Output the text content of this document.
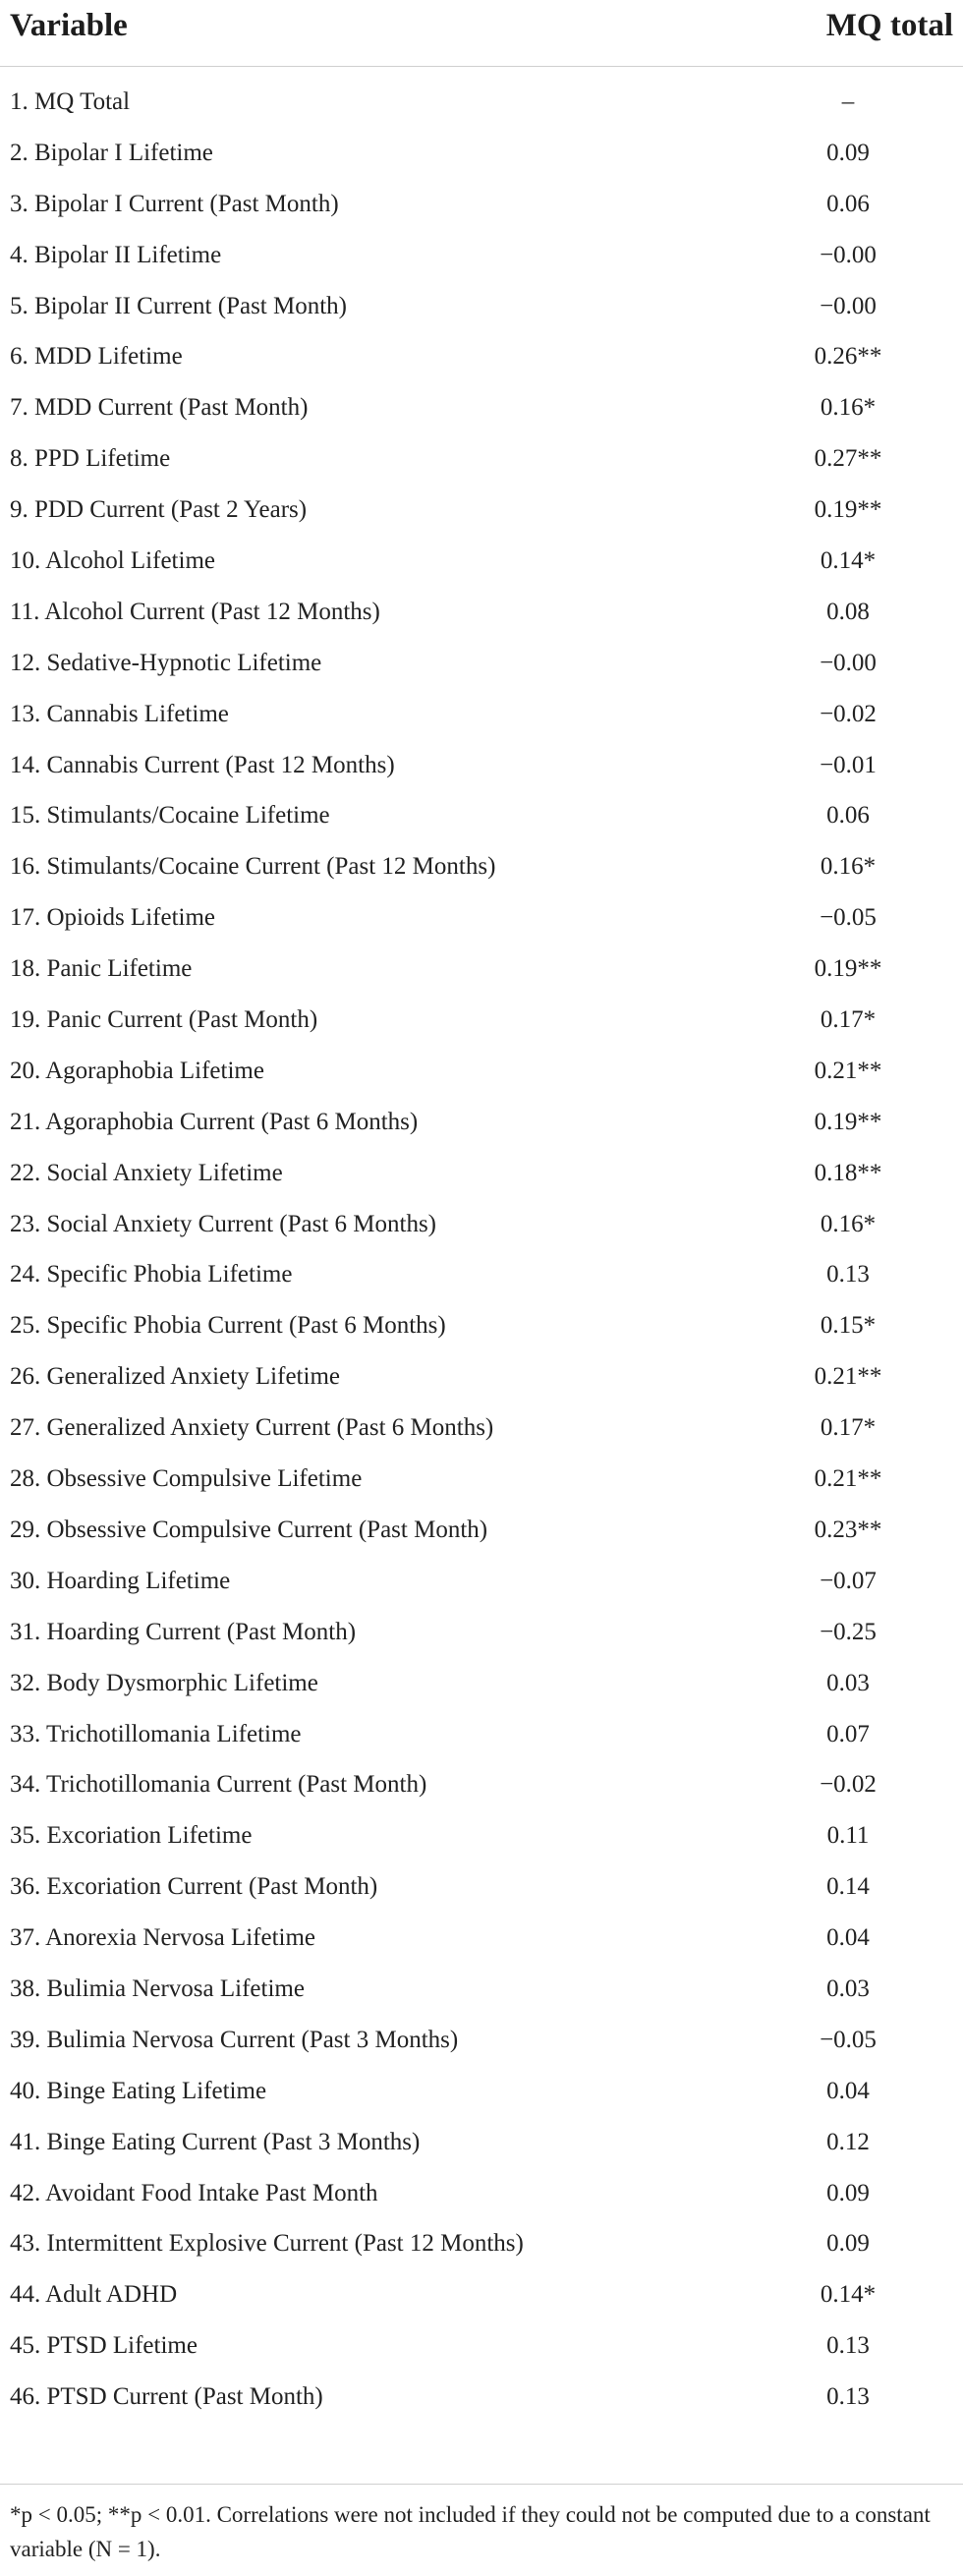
Variable	MQ total
1. MQ Total	–
2. Bipolar I Lifetime	0.09
3. Bipolar I Current (Past Month)	0.06
4. Bipolar II Lifetime	−0.00
5. Bipolar II Current (Past Month)	−0.00
6. MDD Lifetime	0.26**
7. MDD Current (Past Month)	0.16*
8. PPD Lifetime	0.27**
9. PDD Current (Past 2 Years)	0.19**
10. Alcohol Lifetime	0.14*
11. Alcohol Current (Past 12 Months)	0.08
12. Sedative-Hypnotic Lifetime	−0.00
13. Cannabis Lifetime	−0.02
14. Cannabis Current (Past 12 Months)	−0.01
15. Stimulants/Cocaine Lifetime	0.06
16. Stimulants/Cocaine Current (Past 12 Months)	0.16*
17. Opioids Lifetime	−0.05
18. Panic Lifetime	0.19**
19. Panic Current (Past Month)	0.17*
20. Agoraphobia Lifetime	0.21**
21. Agoraphobia Current (Past 6 Months)	0.19**
22. Social Anxiety Lifetime	0.18**
23. Social Anxiety Current (Past 6 Months)	0.16*
24. Specific Phobia Lifetime	0.13
25. Specific Phobia Current (Past 6 Months)	0.15*
26. Generalized Anxiety Lifetime	0.21**
27. Generalized Anxiety Current (Past 6 Months)	0.17*
28. Obsessive Compulsive Lifetime	0.21**
29. Obsessive Compulsive Current (Past Month)	0.23**
30. Hoarding Lifetime	−0.07
31. Hoarding Current (Past Month)	−0.25
32. Body Dysmorphic Lifetime	0.03
33. Trichotillomania Lifetime	0.07
34. Trichotillomania Current (Past Month)	−0.02
35. Excoriation Lifetime	0.11
36. Excoriation Current (Past Month)	0.14
37. Anorexia Nervosa Lifetime	0.04
38. Bulimia Nervosa Lifetime	0.03
39. Bulimia Nervosa Current (Past 3 Months)	−0.05
40. Binge Eating Lifetime	0.04
41. Binge Eating Current (Past 3 Months)	0.12
42. Avoidant Food Intake Past Month	0.09
43. Intermittent Explosive Current (Past 12 Months)	0.09
44. Adult ADHD	0.14*
45. PTSD Lifetime	0.13
46. PTSD Current (Past Month)	0.13
*p < 0.05; **p < 0.01. Correlations were not included if they could not be computed due to a constant variable (N = 1).
